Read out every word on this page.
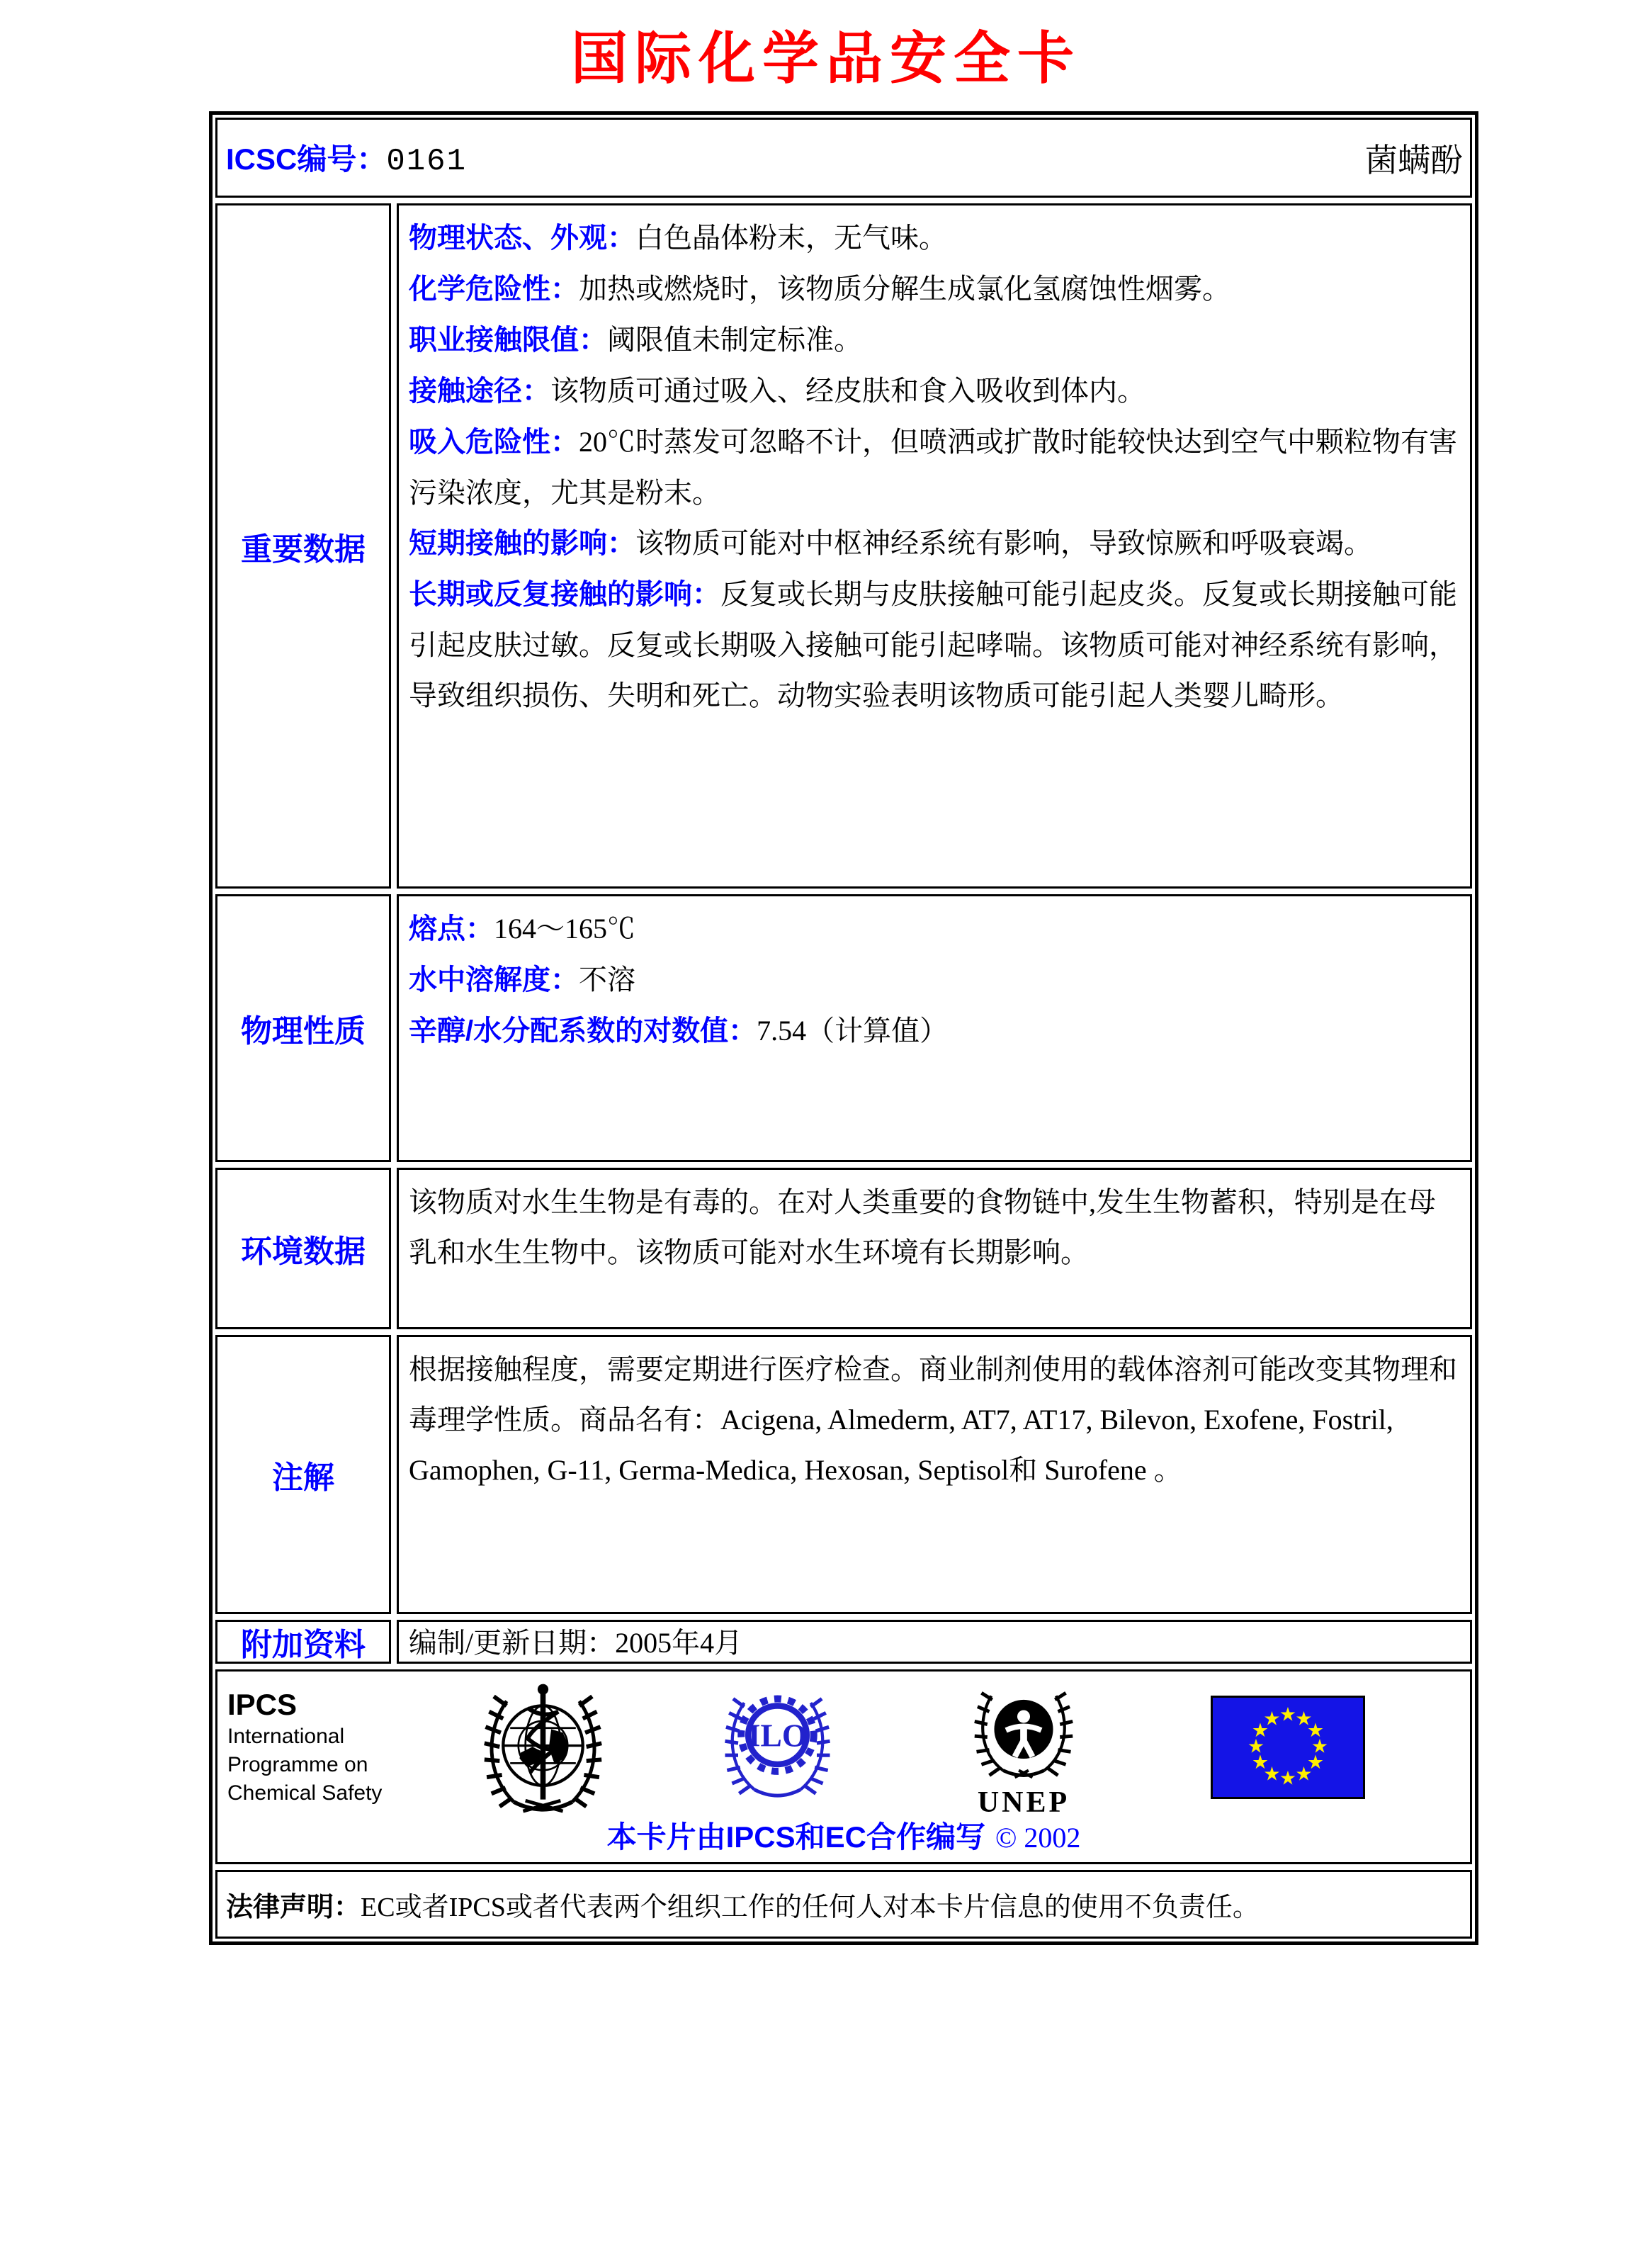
国际化学品安全卡
ICSC编号：0161	菌螨酚
重要数据

物理状态、外观：白色晶体粉末，无气味。

化学危险性：加热或燃烧时，该物质分解生成氯化氢腐蚀性烟雾。

职业接触限值：阈限值未制定标准。

接触途径：该物质可通过吸入、经皮肤和食入吸收到体内。

吸入危险性：20℃时蒸发可忽略不计，但喷洒或扩散时能较快达到空气中颗粒物有害污染浓度，尤其是粉末。

短期接触的影响：该物质可能对中枢神经系统有影响，导致惊厥和呼吸衰竭。

长期或反复接触的影响：反复或长期与皮肤接触可能引起皮炎。反复或长期接触可能引起皮肤过敏。反复或长期吸入接触可能引起哮喘。该物质可能对神经系统有影响，导致组织损伤、失明和死亡。动物实验表明该物质可能引起人类婴儿畸形。

物理性质

熔点：164～165℃

水中溶解度：不溶

辛醇/水分配系数的对数值：7.54（计算值）

环境数据

该物质对水生生物是有毒的。在对人类重要的食物链中,发生生物蓄积，特别是在母乳和水生生物中。该物质可能对水生环境有长期影响。

注解

根据接触程度，需要定期进行医疗检查。商业制剂使用的载体溶剂可能改变其物理和毒理学性质。商品名有：Acigena, Almederm, AT7, AT17, Bilevon, Exofene, Fostril, Gamophen, G-11, Germa-Medica, Hexosan, Septisol和 Surofene 。

附加资料	编制/更新日期：2005年4月

IPCS
International
Programme on
Chemical Safety
ILO
UNEP
★
★
★
★
★
★
★
★
★
★
★
★
本卡片由IPCS和EC合作编写 © 2002

法律声明：EC或者IPCS或者代表两个组织工作的任何人对本卡片信息的使用不负责任。
